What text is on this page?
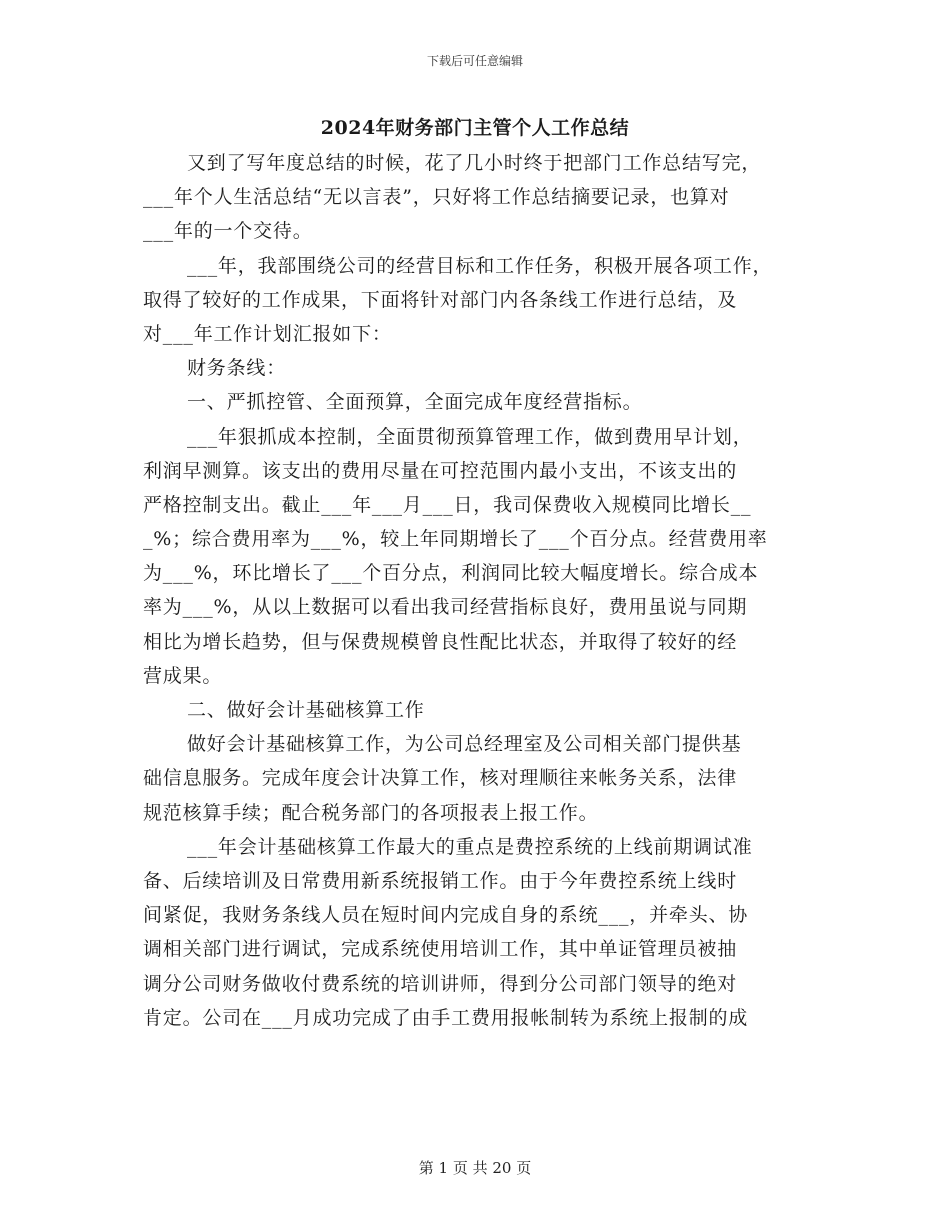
下载后可任意编辑
2024年财务部门主管个人工作总结
又到了写年度总结的时候，花了几小时终于把部门工作总结写完，
___年个人生活总结“无以言表”，只好将工作总结摘要记录，也算对
___年的一个交待。
___年，我部围绕公司的经营目标和工作任务，积极开展各项工作，
取得了较好的工作成果，下面将针对部门内各条线工作进行总结，及
对___年工作计划汇报如下：
财务条线：
一、严抓控管、全面预算，全面完成年度经营指标。
___年狠抓成本控制，全面贯彻预算管理工作，做到费用早计划，
利润早测算。该支出的费用尽量在可控范围内最小支出，不该支出的
严格控制支出。截止___年___月___日，我司保费收入规模同比增长__
_%；综合费用率为___%，较上年同期增长了___个百分点。经营费用率
为___%，环比增长了___个百分点，利润同比较大幅度增长。综合成本
率为___%，从以上数据可以看出我司经营指标良好，费用虽说与同期
相比为增长趋势，但与保费规模曾良性配比状态，并取得了较好的经
营成果。
二、做好会计基础核算工作
做好会计基础核算工作，为公司总经理室及公司相关部门提供基
础信息服务。完成年度会计决算工作，核对理顺往来帐务关系，法律
规范核算手续；配合税务部门的各项报表上报工作。
___年会计基础核算工作最大的重点是费控系统的上线前期调试准
备、后续培训及日常费用新系统报销工作。由于今年费控系统上线时
间紧促，我财务条线人员在短时间内完成自身的系统___，并牵头、协
调相关部门进行调试，完成系统使用培训工作，其中单证管理员被抽
调分公司财务做收付费系统的培训讲师，得到分公司部门领导的绝对
肯定。公司在___月成功完成了由手工费用报帐制转为系统上报制的成
第 1 页 共 20 页
